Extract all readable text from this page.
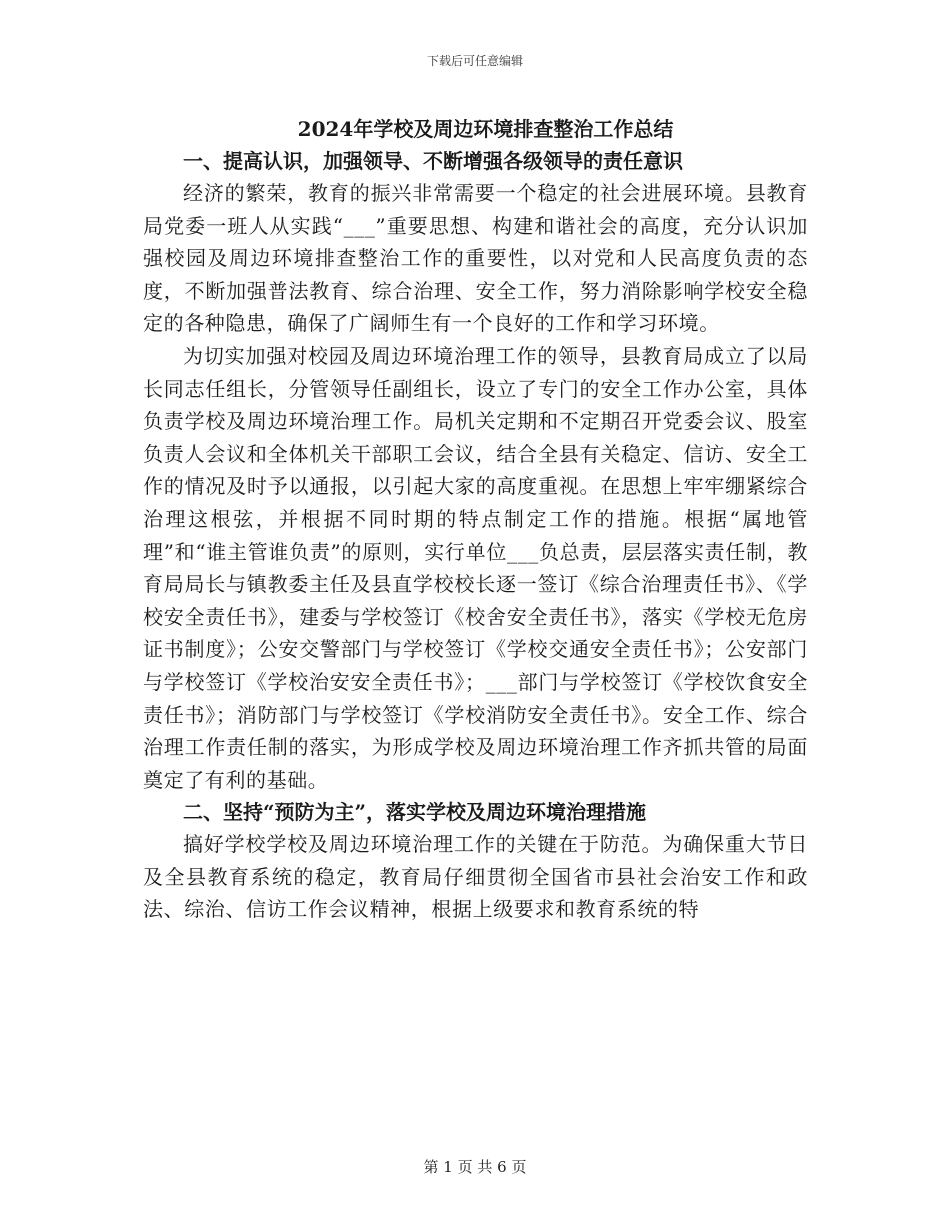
下载后可任意编辑
2024年学校及周边环境排查整治工作总结
一、提高认识，加强领导、不断增强各级领导的责任意识

经济的繁荣，教育的振兴非常需要一个稳定的社会进展环境。县教育局党委一班人从实践“___”重要思想、构建和谐社会的高度，充分认识加强校园及周边环境排查整治工作的重要性，以对党和人民高度负责的态度，不断加强普法教育、综合治理、安全工作，努力消除影响学校安全稳定的各种隐患，确保了广阔师生有一个良好的工作和学习环境。

为切实加强对校园及周边环境治理工作的领导，县教育局成立了以局长同志任组长，分管领导任副组长，设立了专门的安全工作办公室，具体负责学校及周边环境治理工作。局机关定期和不定期召开党委会议、股室负责人会议和全体机关干部职工会议，结合全县有关稳定、信访、安全工作的情况及时予以通报，以引起大家的高度重视。在思想上牢牢绷紧综合治理这根弦，并根据不同时期的特点制定工作的措施。根据“属地管理”和“谁主管谁负责”的原则，实行单位___负总责，层层落实责任制，教育局局长与镇教委主任及县直学校校长逐一签订《综合治理责任书》、《学校安全责任书》，建委与学校签订《校舍安全责任书》，落实《学校无危房证书制度》；公安交警部门与学校签订《学校交通安全责任书》；公安部门与学校签订《学校治安安全责任书》；___部门与学校签订《学校饮食安全责任书》；消防部门与学校签订《学校消防安全责任书》。安全工作、综合治理工作责任制的落实，为形成学校及周边环境治理工作齐抓共管的局面奠定了有利的基础。

二、坚持“预防为主”，落实学校及周边环境治理措施

搞好学校学校及周边环境治理工作的关键在于防范。为确保重大节日及全县教育系统的稳定，教育局仔细贯彻全国省市县社会治安工作和政法、综治、信访工作会议精神，根据上级要求和教育系统的特

第 1 页 共 6 页
